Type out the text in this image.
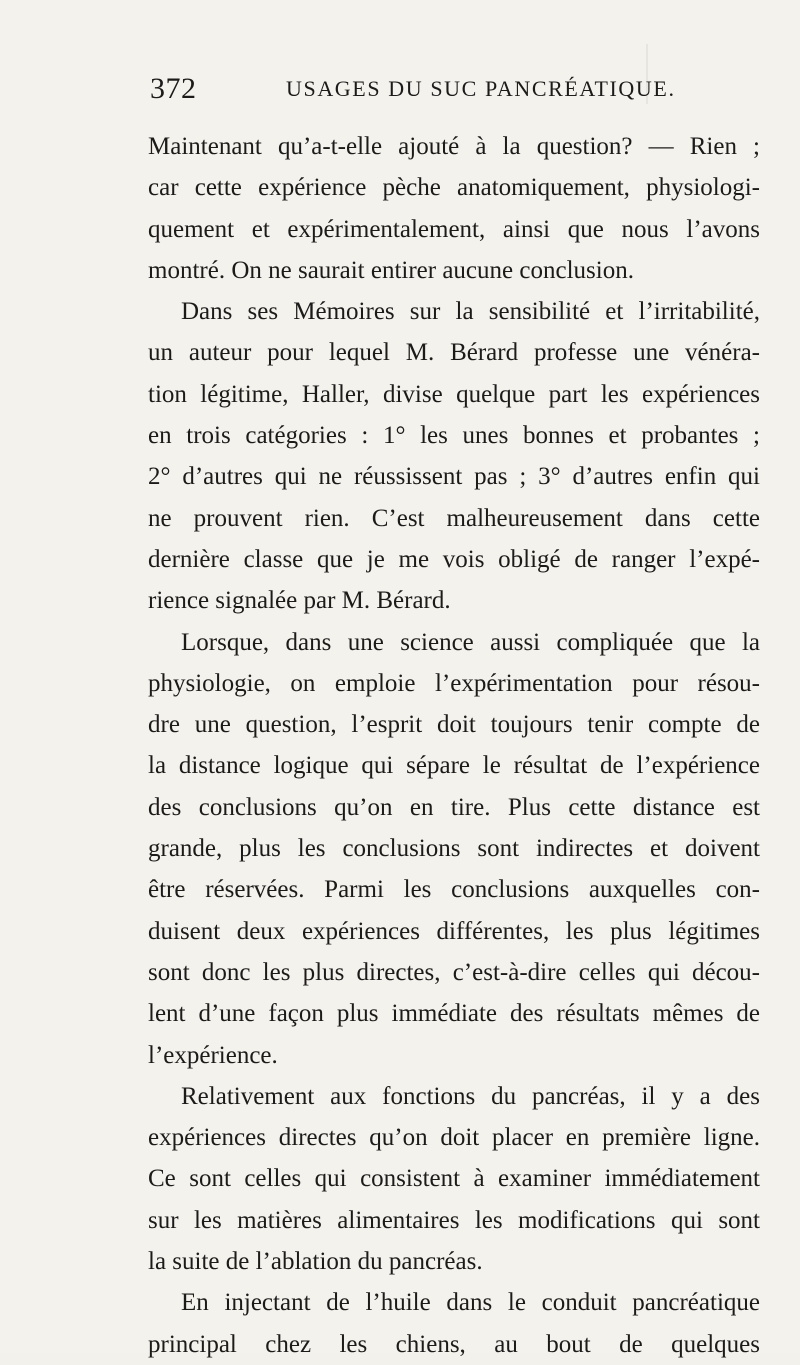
372	USAGES DU SUC PANCRÉATIQUE.
Maintenant qu’a-t-elle ajouté à la question? — Rien ;
car cette expérience pèche anatomiquement, physiologi-
quement et expérimentalement, ainsi que nous l’avons
montré. On ne saurait entirer aucune conclusion.
Dans ses Mémoires sur la sensibilité et l’irritabilité,
un auteur pour lequel M. Bérard professe une vénéra-
tion légitime, Haller, divise quelque part les expériences
en trois catégories : 1° les unes bonnes et probantes ;
2° d’autres qui ne réussissent pas ; 3° d’autres enfin qui
ne prouvent rien. C’est malheureusement dans cette
dernière classe que je me vois obligé de ranger l’expé-
rience signalée par M. Bérard.
Lorsque, dans une science aussi compliquée que la
physiologie, on emploie l’expérimentation pour résou-
dre une question, l’esprit doit toujours tenir compte de
la distance logique qui sépare le résultat de l’expérience
des conclusions qu’on en tire. Plus cette distance est
grande, plus les conclusions sont indirectes et doivent
être réservées. Parmi les conclusions auxquelles con-
duisent deux expériences différentes, les plus légitimes
sont donc les plus directes, c’est-à-dire celles qui décou-
lent d’une façon plus immédiate des résultats mêmes de
l’expérience.
Relativement aux fonctions du pancréas, il y a des
expériences directes qu’on doit placer en première ligne.
Ce sont celles qui consistent à examiner immédiatement
sur les matières alimentaires les modifications qui sont
la suite de l’ablation du pancréas.
En injectant de l’huile dans le conduit pancréatique
principal chez les chiens, au bout de quelques
